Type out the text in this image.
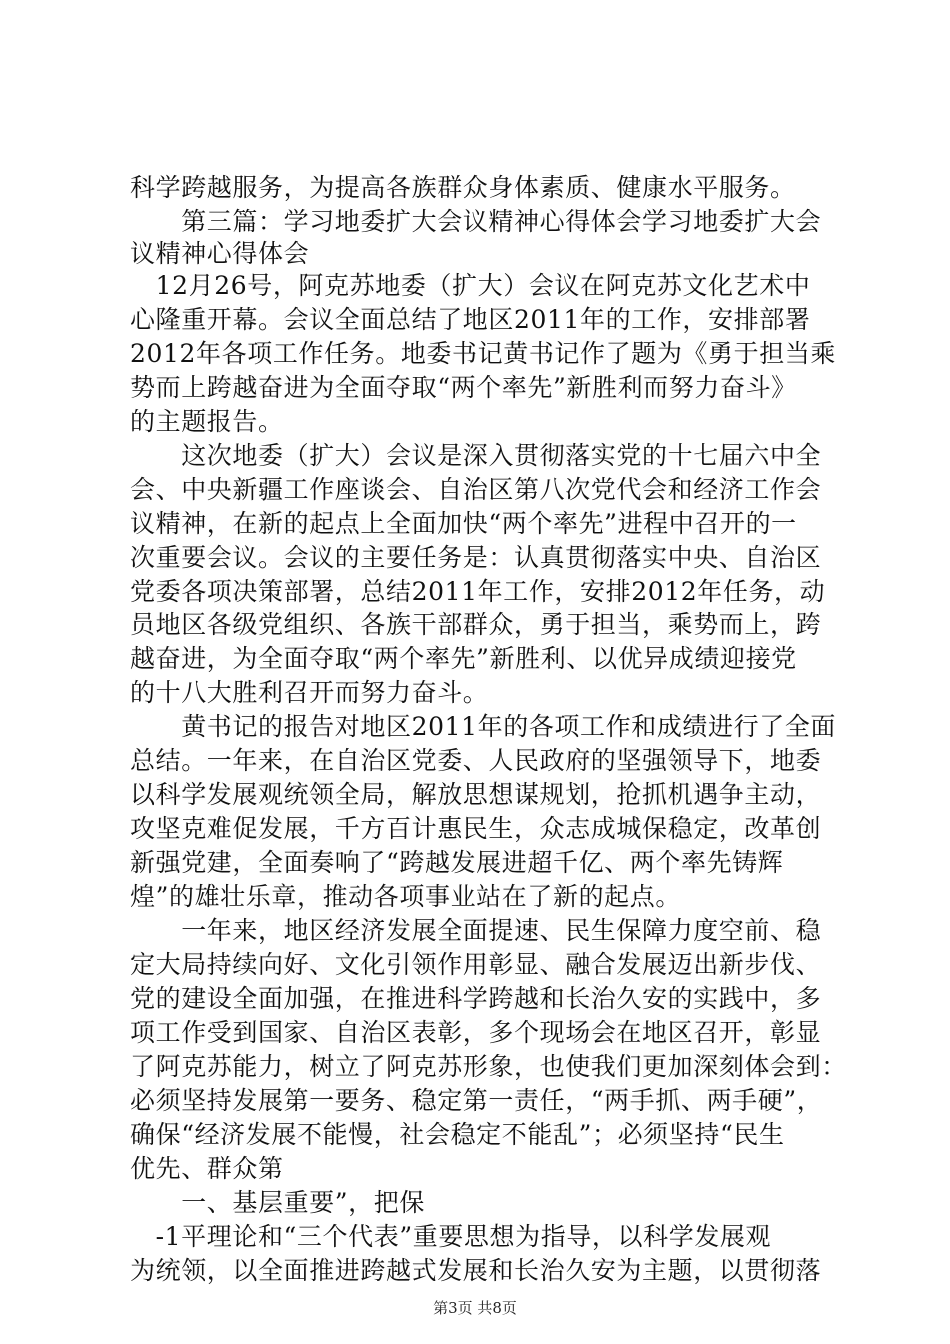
科学跨越服务，为提高各族群众身体素质、健康水平服务。
　　第三篇：学习地委扩大会议精神心得体会学习地委扩大会
议精神心得体会
　12月26号，阿克苏地委（扩大）会议在阿克苏文化艺术中
心隆重开幕。会议全面总结了地区2011年的工作，安排部署
2012年各项工作任务。地委书记黄书记作了题为《勇于担当乘
势而上跨越奋进为全面夺取“两个率先”新胜利而努力奋斗》
的主题报告。
　　这次地委（扩大）会议是深入贯彻落实党的十七届六中全
会、中央新疆工作座谈会、自治区第八次党代会和经济工作会
议精神，在新的起点上全面加快“两个率先”进程中召开的一
次重要会议。会议的主要任务是：认真贯彻落实中央、自治区
党委各项决策部署，总结2011年工作，安排2012年任务，动
员地区各级党组织、各族干部群众，勇于担当，乘势而上，跨
越奋进，为全面夺取“两个率先”新胜利、以优异成绩迎接党
的十八大胜利召开而努力奋斗。
　　黄书记的报告对地区2011年的各项工作和成绩进行了全面
总结。一年来，在自治区党委、人民政府的坚强领导下，地委
以科学发展观统领全局，解放思想谋规划，抢抓机遇争主动，
攻坚克难促发展，千方百计惠民生，众志成城保稳定，改革创
新强党建，全面奏响了“跨越发展进超千亿、两个率先铸辉
煌”的雄壮乐章，推动各项事业站在了新的起点。
　　一年来，地区经济发展全面提速、民生保障力度空前、稳
定大局持续向好、文化引领作用彰显、融合发展迈出新步伐、
党的建设全面加强，在推进科学跨越和长治久安的实践中，多
项工作受到国家、自治区表彰，多个现场会在地区召开，彰显
了阿克苏能力，树立了阿克苏形象，也使我们更加深刻体会到：
必须坚持发展第一要务、稳定第一责任，“两手抓、两手硬”，
确保“经济发展不能慢，社会稳定不能乱”；必须坚持“民生
优先、群众第
　　一、基层重要”，把保
　-1平理论和“三个代表”重要思想为指导，以科学发展观
为统领，以全面推进跨越式发展和长治久安为主题，以贯彻落
第3页 共8页
